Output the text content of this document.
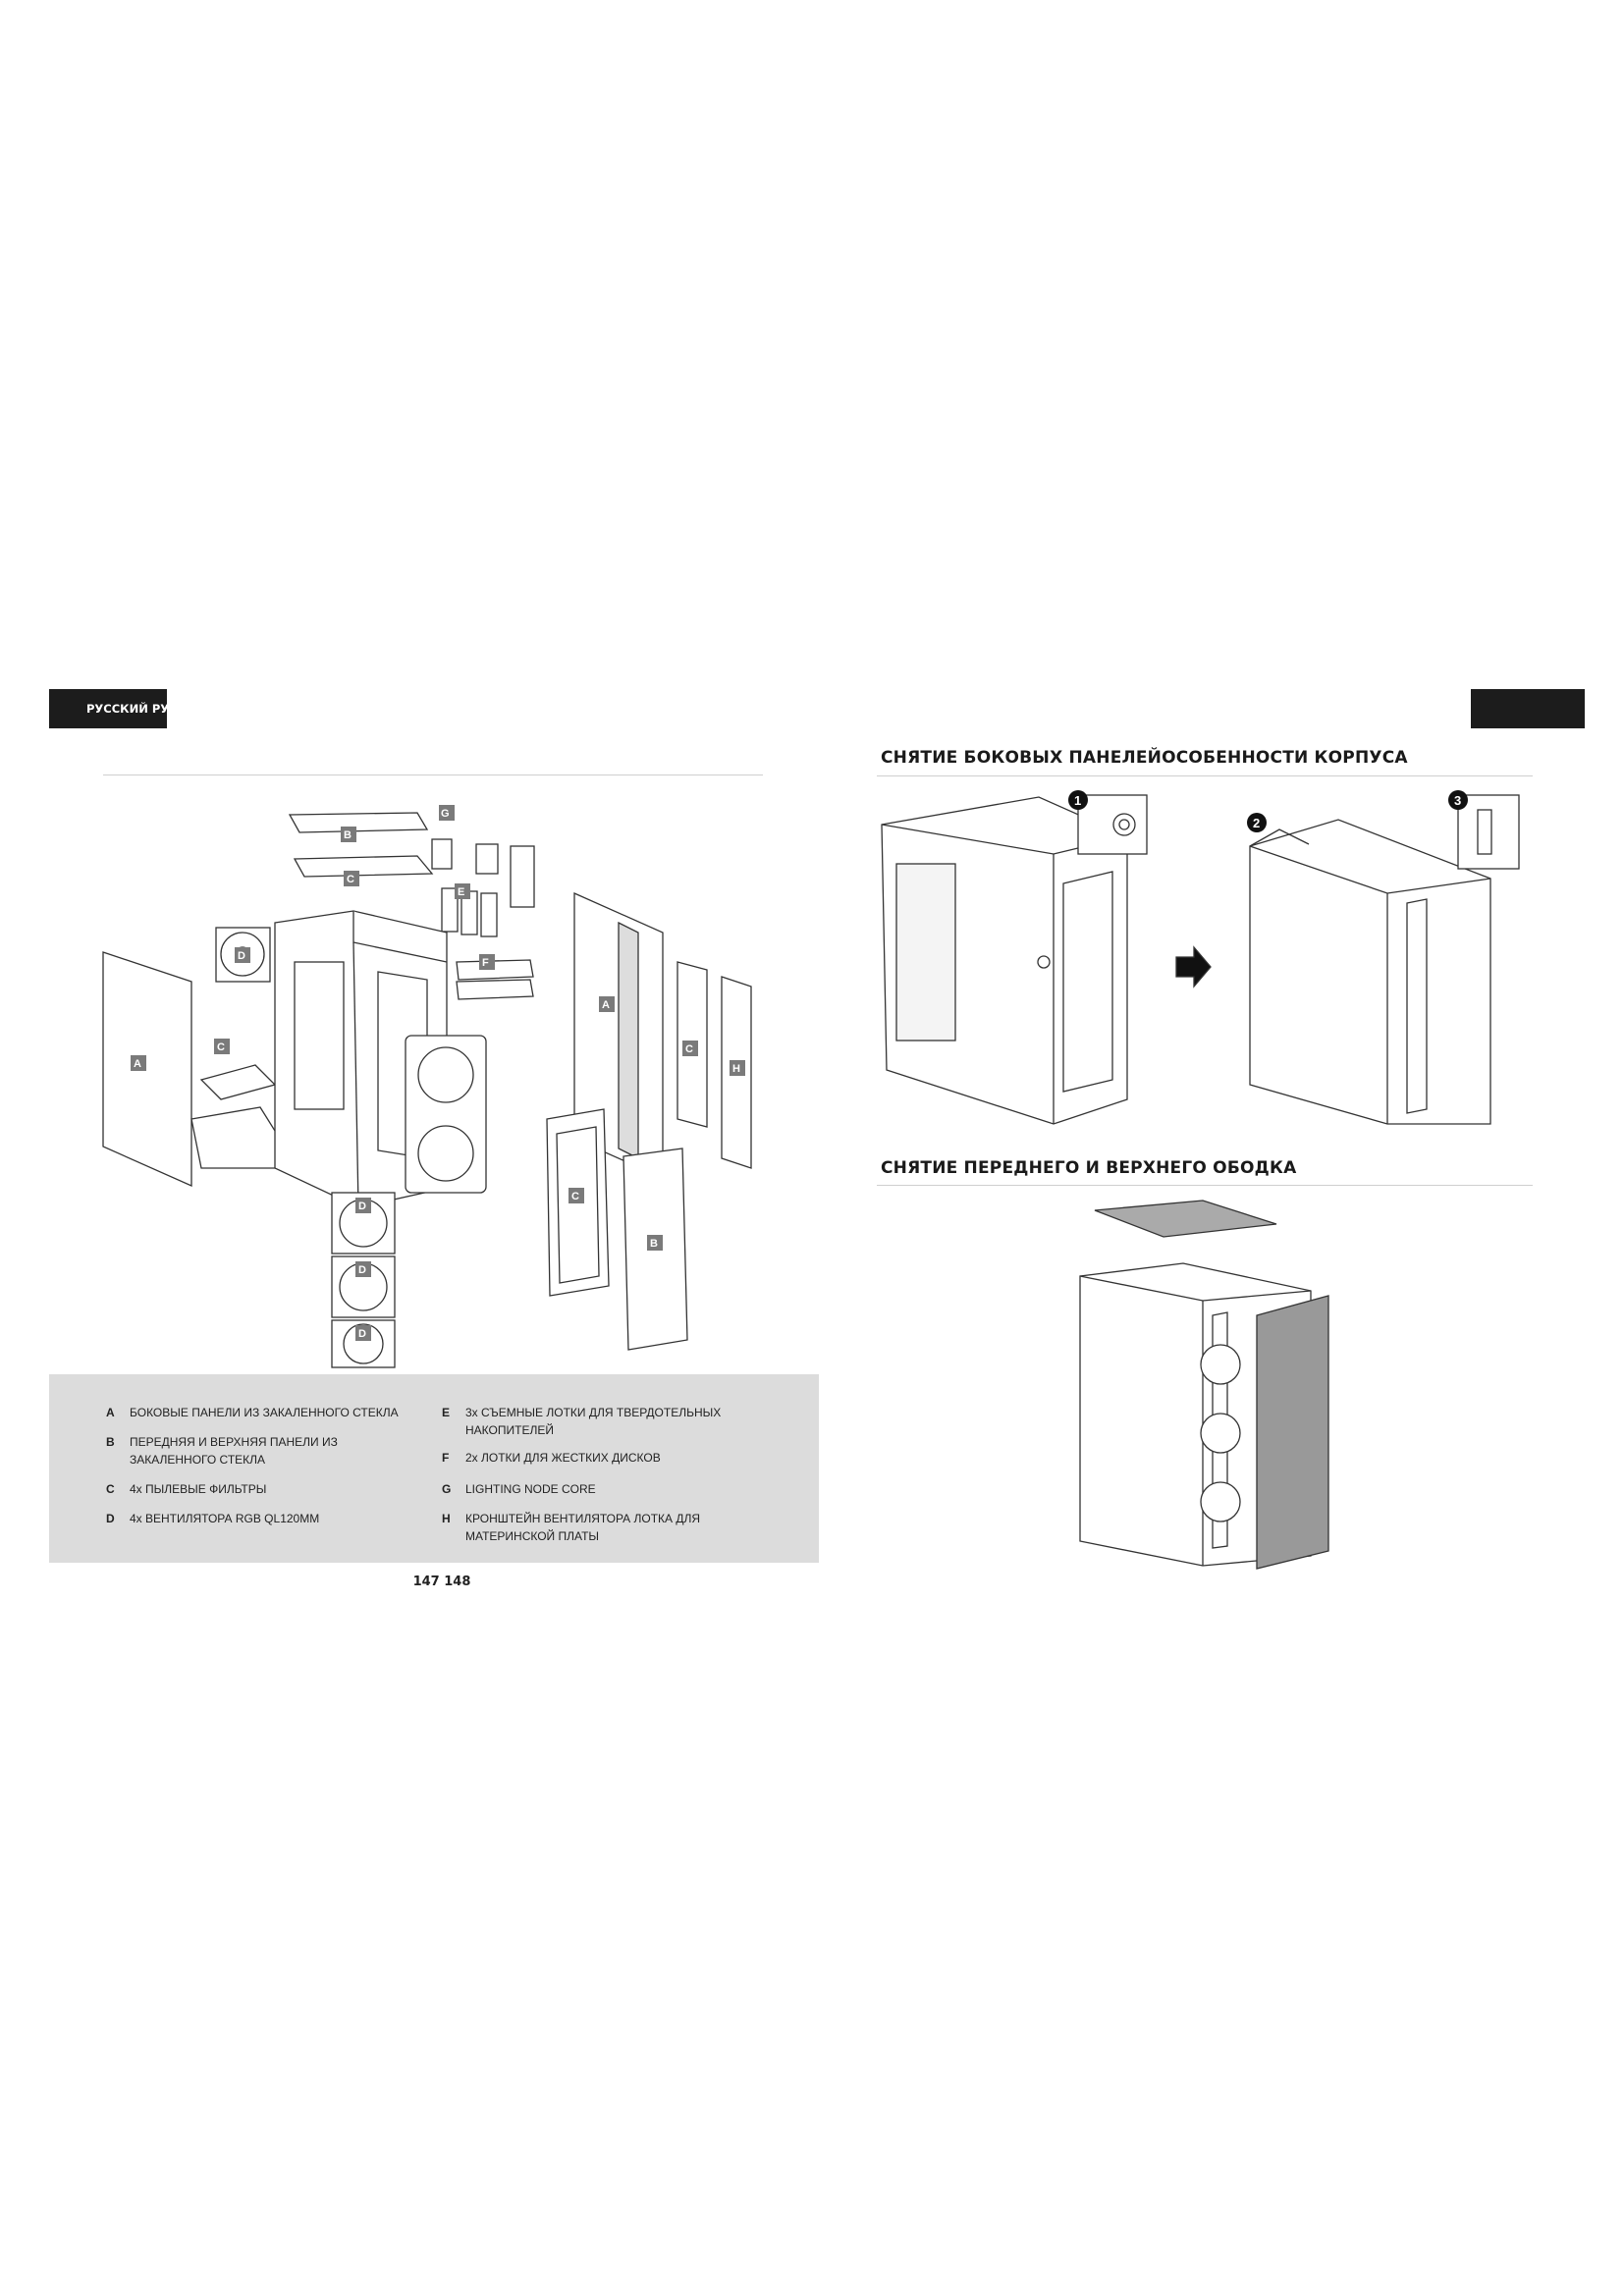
РУССКИЙ РУССКИ
A
B
C
G
E
F
D
C
A
C
H
C
B
D
D
D
A БОКОВЫЕ ПАНЕЛИ ИЗ ЗАКАЛЕННОГО СТЕКЛА
B ПЕРЕДНЯЯ И ВЕРХНЯЯ ПАНЕЛИ ИЗ ЗАКАЛЕННОГО СТЕКЛА
C 4x ПЫЛЕВЫЕ ФИЛЬТРЫ
D 4x ВЕНТИЛЯТОРА RGB QL120MM
E 3x СЪЕМНЫЕ ЛОТКИ ДЛЯ ТВЕРДОТЕЛЬНЫХ НАКОПИТЕЛЕЙ
F 2x ЛОТКИ ДЛЯ ЖЕСТКИХ ДИСКОВ
G LIGHTING NODE CORE
H КРОНШТЕЙН ВЕНТИЛЯТОРА ЛОТКА ДЛЯ МАТЕРИНСКОЙ ПЛАТЫ
147 148
СНЯТИЕ БОКОВЫХ ПАНЕЛЕЙОСОБЕННОСТИ КОРПУСА
1
2
3
СНЯТИЕ ПЕРЕДНЕГО И ВЕРХНЕГО ОБОДКА
